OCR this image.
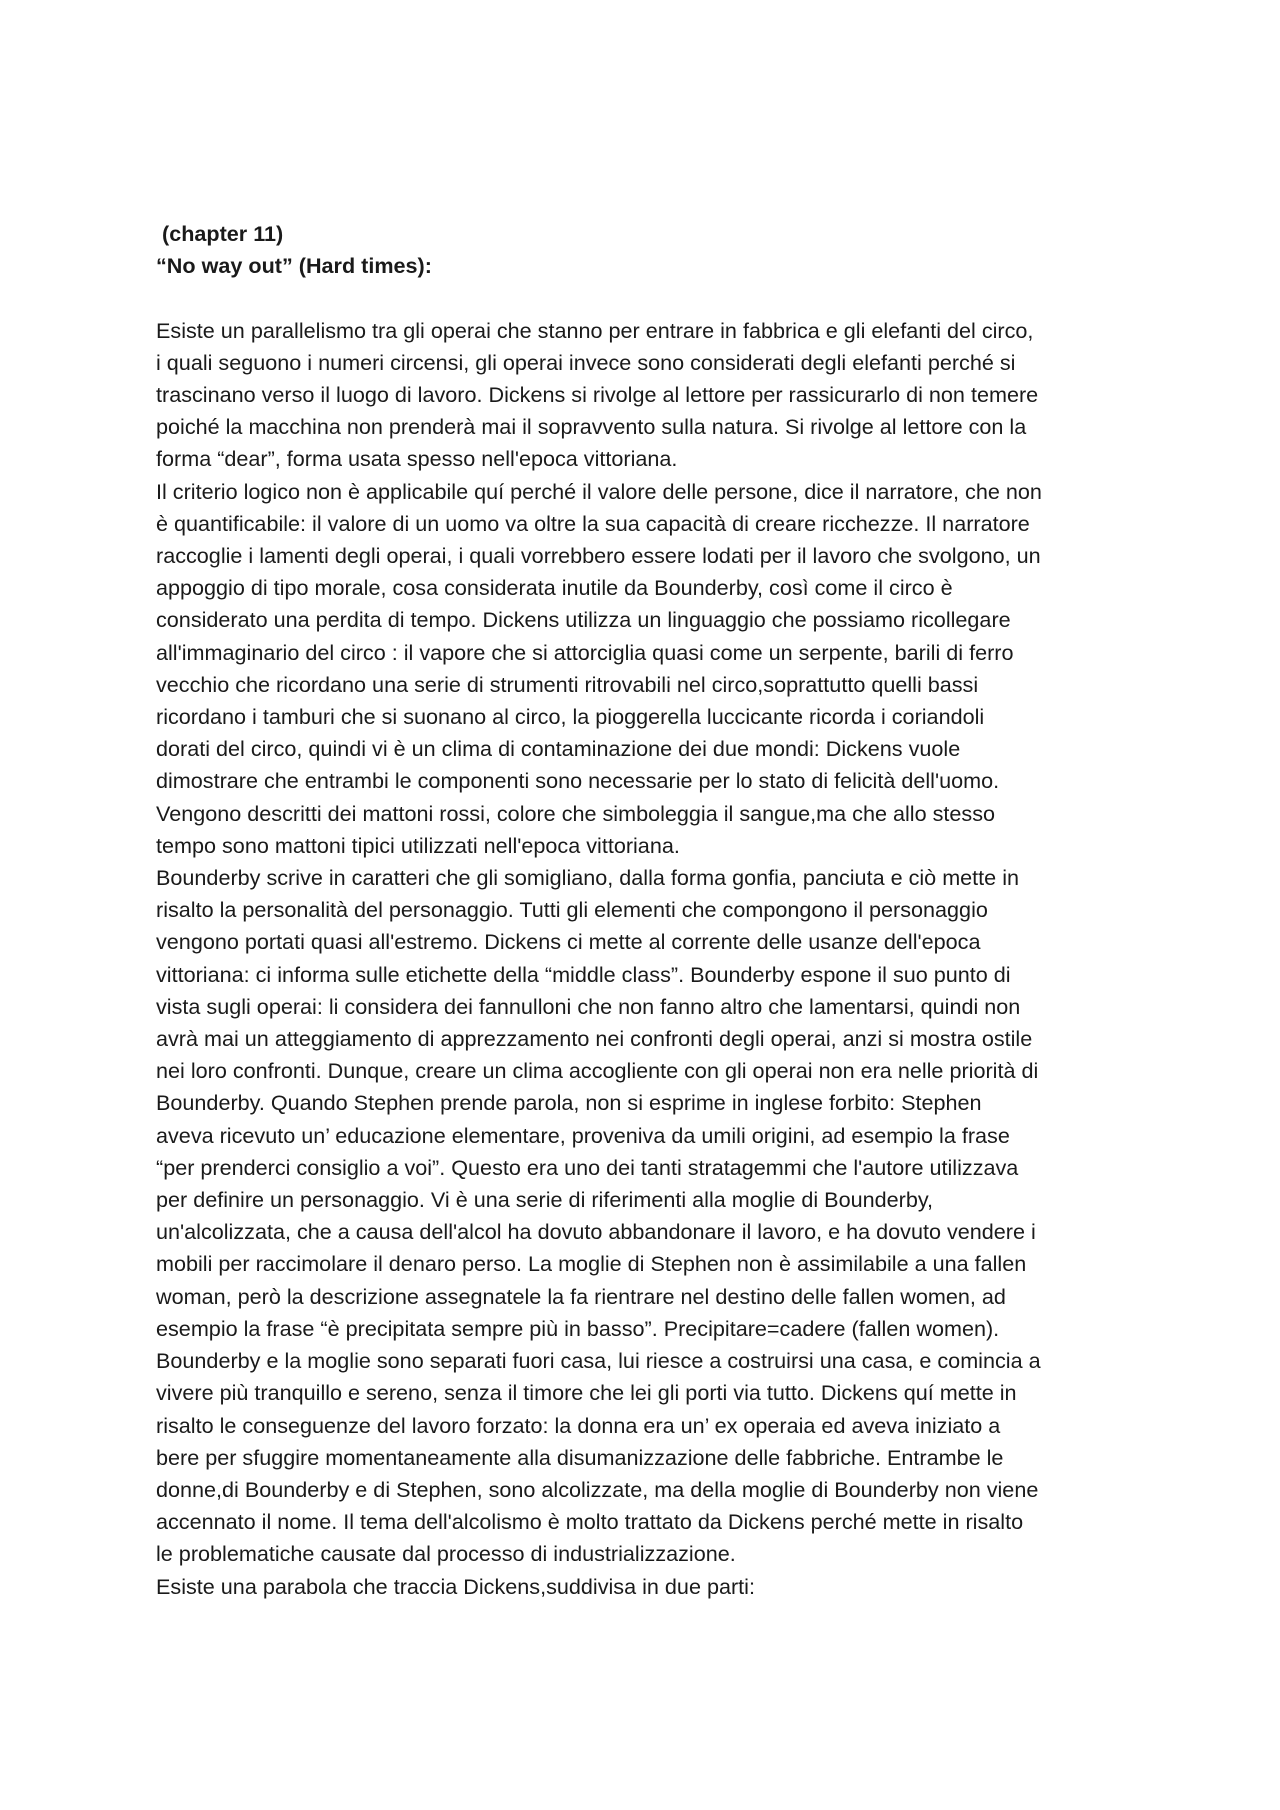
(chapter 11)
“No way out” (Hard times):
Esiste un parallelismo tra gli operai che stanno per entrare in fabbrica e gli elefanti del circo,
i quali seguono i numeri circensi, gli operai invece sono considerati degli elefanti perché si
trascinano verso il luogo di lavoro. Dickens si rivolge al lettore per rassicurarlo di non temere
poiché la macchina non prenderà mai il sopravvento sulla natura. Si rivolge al lettore con la
forma “dear”, forma usata spesso nell'epoca vittoriana.
Il criterio logico non è applicabile quí perché il valore delle persone, dice il narratore, che non
è quantificabile: il valore di un uomo va oltre la sua capacità di creare ricchezze. Il narratore
raccoglie i lamenti degli operai, i quali vorrebbero essere lodati per il lavoro che svolgono, un
appoggio di tipo morale, cosa considerata inutile da Bounderby, così come il circo è
considerato una perdita di tempo. Dickens utilizza un linguaggio che possiamo ricollegare
all'immaginario del circo : il vapore che si attorciglia quasi come un serpente, barili di ferro
vecchio che ricordano una serie di strumenti ritrovabili nel circo,soprattutto quelli bassi
ricordano i tamburi che si suonano al circo, la pioggerella luccicante ricorda i coriandoli
dorati del circo, quindi vi è un clima di contaminazione dei due mondi: Dickens vuole
dimostrare che entrambi le componenti sono necessarie per lo stato di felicità dell'uomo.
Vengono descritti dei mattoni rossi, colore che simboleggia il sangue,ma che allo stesso
tempo sono mattoni tipici utilizzati nell'epoca vittoriana.
Bounderby scrive in caratteri che gli somigliano, dalla forma gonfia, panciuta e ciò mette in
risalto la personalità del personaggio. Tutti gli elementi che compongono il personaggio
vengono portati quasi all'estremo. Dickens ci mette al corrente delle usanze dell'epoca
vittoriana: ci informa sulle etichette della “middle class”. Bounderby espone il suo punto di
vista sugli operai: li considera dei fannulloni che non fanno altro che lamentarsi, quindi non
avrà mai un atteggiamento di apprezzamento nei confronti degli operai, anzi si mostra ostile
nei loro confronti. Dunque, creare un clima accogliente con gli operai non era nelle priorità di
Bounderby. Quando Stephen prende parola, non si esprime in inglese forbito: Stephen
aveva ricevuto un’ educazione elementare, proveniva da umili origini, ad esempio la frase
“per prenderci consiglio a voi”. Questo era uno dei tanti stratagemmi che l'autore utilizzava
per definire un personaggio. Vi è una serie di riferimenti alla moglie di Bounderby,
un'alcolizzata, che a causa dell'alcol ha dovuto abbandonare il lavoro, e ha dovuto vendere i
mobili per raccimolare il denaro perso. La moglie di Stephen non è assimilabile a una fallen
woman, però la descrizione assegnatele la fa rientrare nel destino delle fallen women, ad
esempio la frase “è precipitata sempre più in basso”. Precipitare=cadere (fallen women).
Bounderby e la moglie sono separati fuori casa, lui riesce a costruirsi una casa, e comincia a
vivere più tranquillo e sereno, senza il timore che lei gli porti via tutto. Dickens quí mette in
risalto le conseguenze del lavoro forzato: la donna era un’ ex operaia ed aveva iniziato a
bere per sfuggire momentaneamente alla disumanizzazione delle fabbriche. Entrambe le
donne,di Bounderby e di Stephen, sono alcolizzate, ma della moglie di Bounderby non viene
accennato il nome. Il tema dell'alcolismo è molto trattato da Dickens perché mette in risalto
le problematiche causate dal processo di industrializzazione.
Esiste una parabola che traccia Dickens,suddivisa in due parti:
